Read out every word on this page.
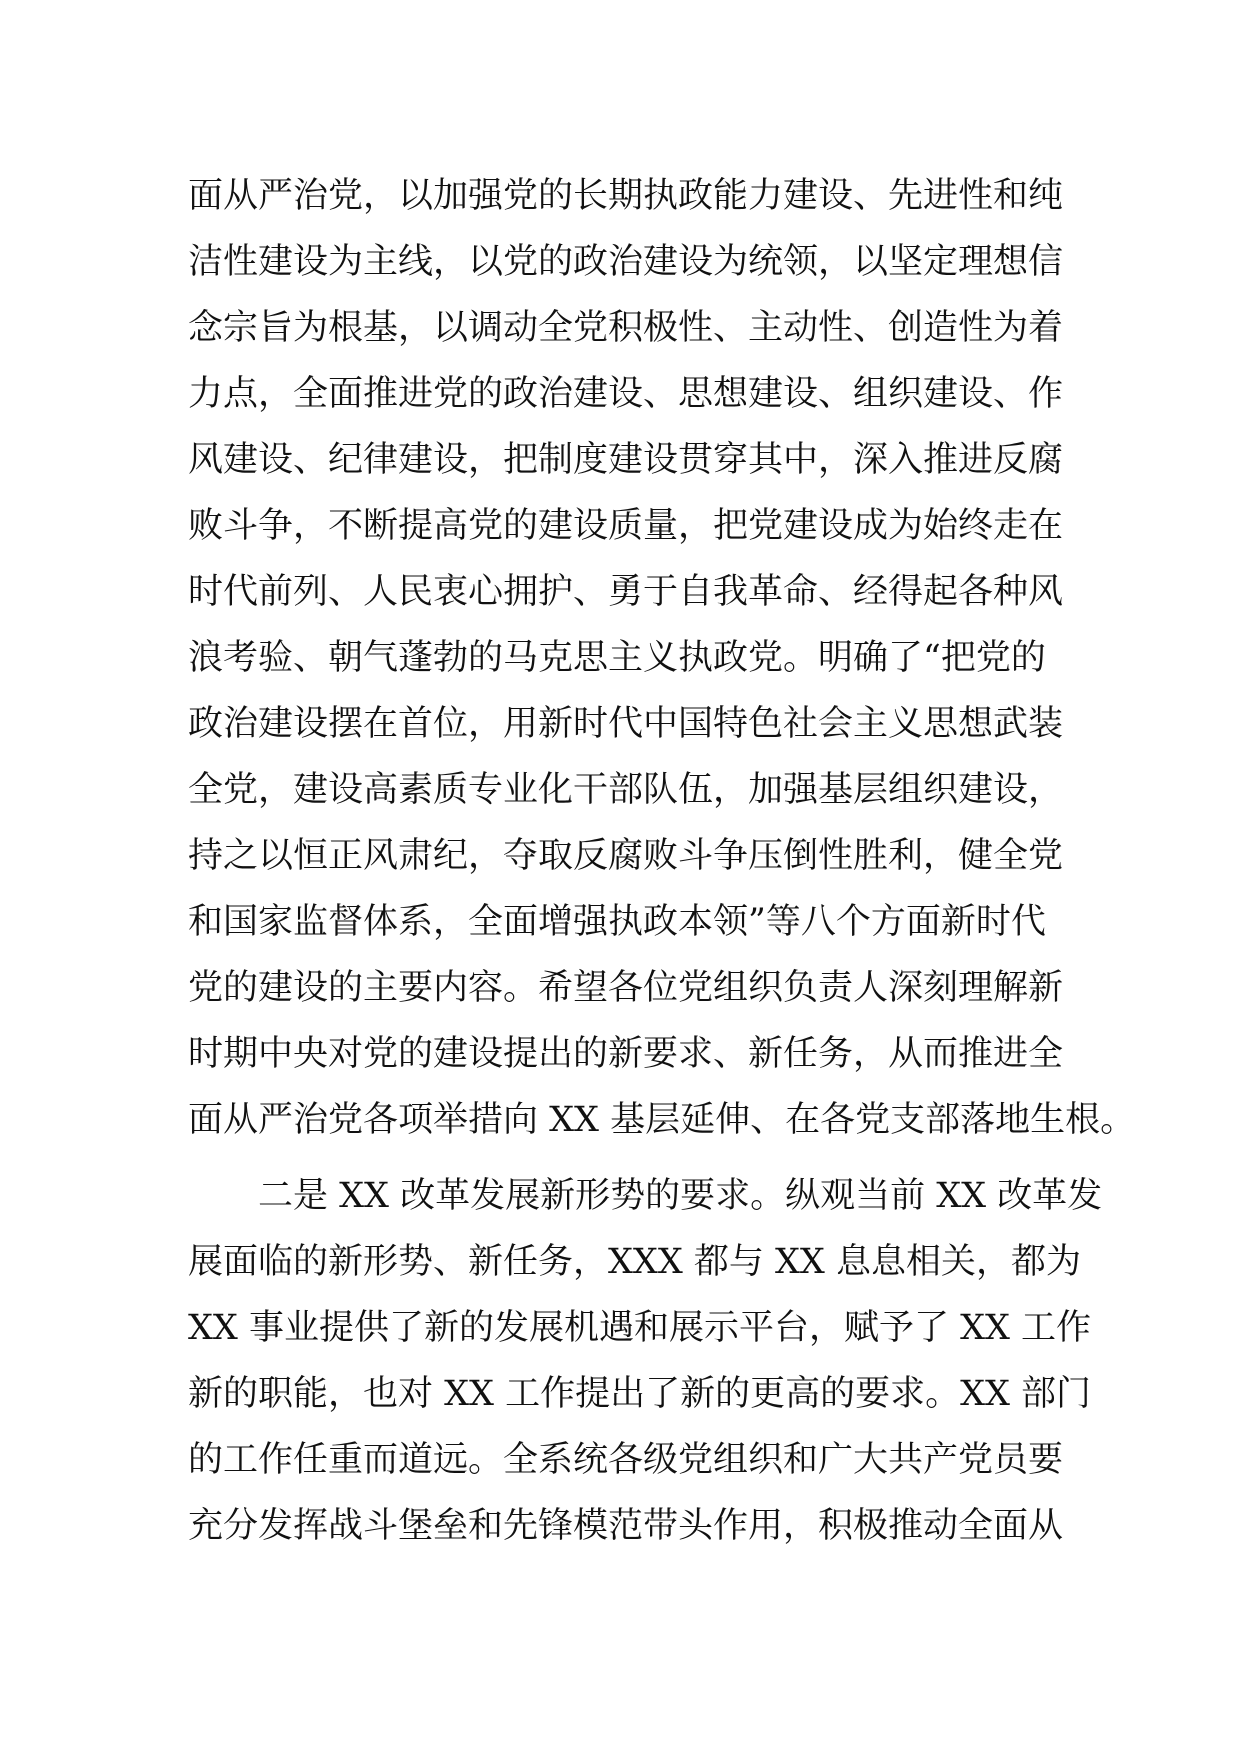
面从严治党，以加强党的长期执政能力建设、先进性和纯
洁性建设为主线，以党的政治建设为统领，以坚定理想信
念宗旨为根基，以调动全党积极性、主动性、创造性为着
力点，全面推进党的政治建设、思想建设、组织建设、作
风建设、纪律建设，把制度建设贯穿其中，深入推进反腐
败斗争，不断提高党的建设质量，把党建设成为始终走在
时代前列、人民衷心拥护、勇于自我革命、经得起各种风
浪考验、朝气蓬勃的马克思主义执政党。明确了“把党的
政治建设摆在首位，用新时代中国特色社会主义思想武装
全党，建设高素质专业化干部队伍，加强基层组织建设，
持之以恒正风肃纪，夺取反腐败斗争压倒性胜利，健全党
和国家监督体系，全面增强执政本领”等八个方面新时代
党的建设的主要内容。希望各位党组织负责人深刻理解新
时期中央对党的建设提出的新要求、新任务，从而推进全
面从严治党各项举措向 XX 基层延伸、在各党支部落地生根。
　　二是 XX 改革发展新形势的要求。纵观当前 XX 改革发
展面临的新形势、新任务，XXX 都与 XX 息息相关，都为
XX 事业提供了新的发展机遇和展示平台，赋予了 XX 工作
新的职能，也对 XX 工作提出了新的更高的要求。XX 部门
的工作任重而道远。全系统各级党组织和广大共产党员要
充分发挥战斗堡垒和先锋模范带头作用，积极推动全面从
